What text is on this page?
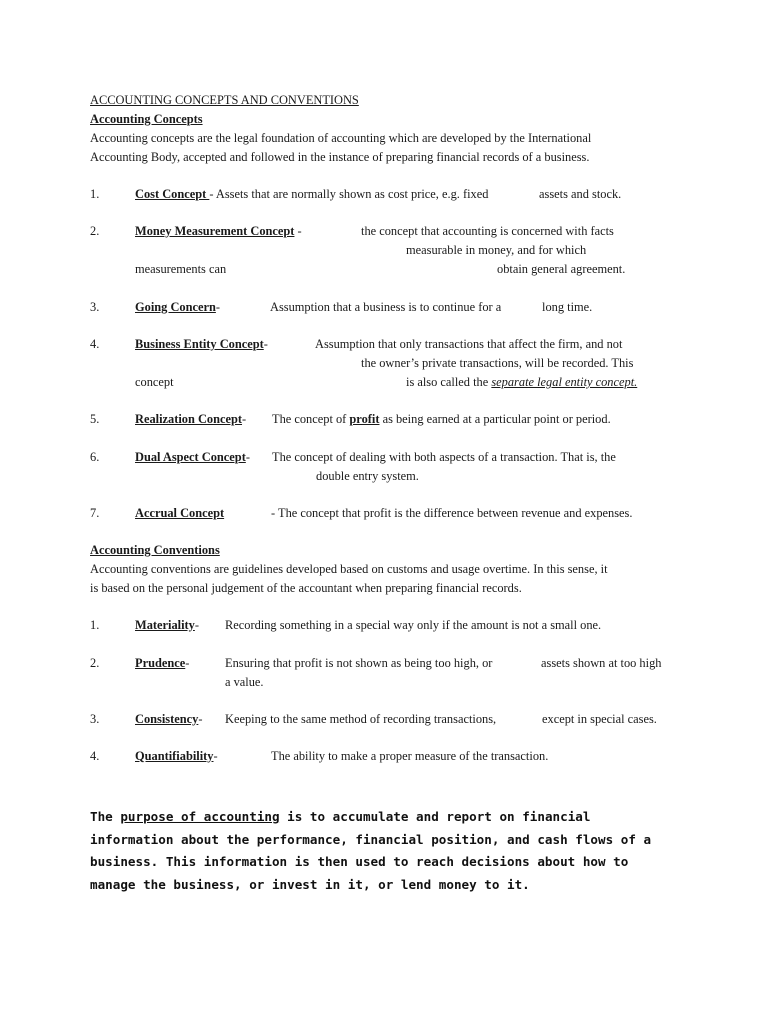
ACCOUNTING CONCEPTS AND CONVENTIONS
Accounting Concepts
Accounting concepts are the legal foundation of accounting which are developed by the International
Accounting Body, accepted and followed in the instance of preparing financial records of a business.
1.	Cost Concept - Assets that are normally shown as cost price, e.g. fixed	assets and stock.
2.	Money Measurement Concept -	the concept that accounting is concerned with facts
measurable in money, and for which
measurements can	obtain general agreement.
3.	Going Concern-	Assumption that a business is to continue for a	long time.
4.	Business Entity Concept-	Assumption that only transactions that affect the firm, and not
the owner’s private transactions, will be recorded. This
concept	is also called the separate legal entity concept.
5.	Realization Concept- The concept of profit as being earned at a particular point or period.
6.	Dual Aspect Concept- The concept of dealing with both aspects of a transaction. That is, the
double entry system.
7.	Accrual Concept	- The concept that profit is the difference between revenue and expenses.
Accounting Conventions
Accounting conventions are guidelines developed based on customs and usage overtime. In this sense, it
is based on the personal judgement of the accountant when preparing financial records.
1.	Materiality- Recording something in a special way only if the amount is not a small one.
2.	Prudence-	Ensuring that profit is not shown as being too high, or	assets shown at too high
a value.
3.	Consistency- Keeping to the same method of recording transactions,	except in special cases.
4.	Quantifiability-	The ability to make a proper measure of the transaction.
The purpose of accounting is to accumulate and report on financial
information about the performance, financial position, and cash flows of a
business. This information is then used to reach decisions about how to
manage the business, or invest in it, or lend money to it.
